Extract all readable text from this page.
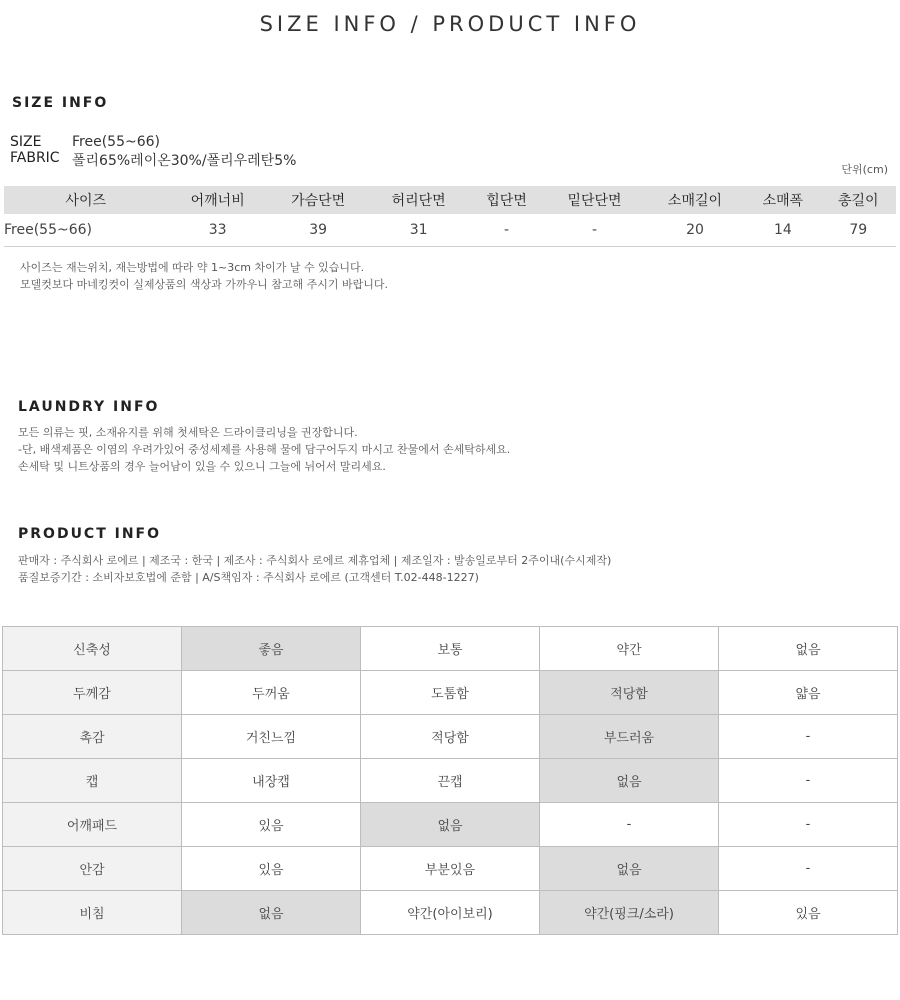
SIZE INFO / PRODUCT INFO
SIZE INFO
SIZE Free(55~66)
FABRIC 폴리65%레이온30%/폴리우레탄5%
단위(cm)
사이즈	어깨너비	가슴단면	허리단면	힙단면	밑단단면	소매길이	소매폭	총길이
Free(55~66)	33	39	31	-	-	20	14	79
사이즈는 재는위치, 재는방법에 따라 약 1~3cm 차이가 날 수 있습니다.
모델컷보다 마네킹컷이 실제상품의 색상과 가까우니 참고해 주시기 바랍니다.
LAUNDRY INFO
모든 의류는 핏, 소재유지를 위해 첫세탁은 드라이클리닝을 권장합니다.
-단, 배색제품은 이염의 우려가있어 중성세제를 사용해 물에 담구어두지 마시고 찬물에서 손세탁하세요.
손세탁 및 니트상품의 경우 늘어남이 있을 수 있으니 그늘에 뉘어서 말리세요.
PRODUCT INFO
판매자 : 주식회사 로에르 | 제조국 : 한국 | 제조사 : 주식회사 로에르 제휴업체 | 제조일자 : 발송일로부터 2주이내(수시제작)
품질보증기간 : 소비자보호법에 준함 | A/S책임자 : 주식회사 로에르 (고객센터 T.02-448-1227)
신축성	좋음	보통	약간	없음
두께감	두꺼움	도톰함	적당함	얇음
촉감	거친느낌	적당함	부드러움	-
캡	내장캡	끈캡	없음	-
어깨패드	있음	없음	-	-
안감	있음	부분있음	없음	-
비침	없음	약간(아이보리)	약간(핑크/소라)	있음
